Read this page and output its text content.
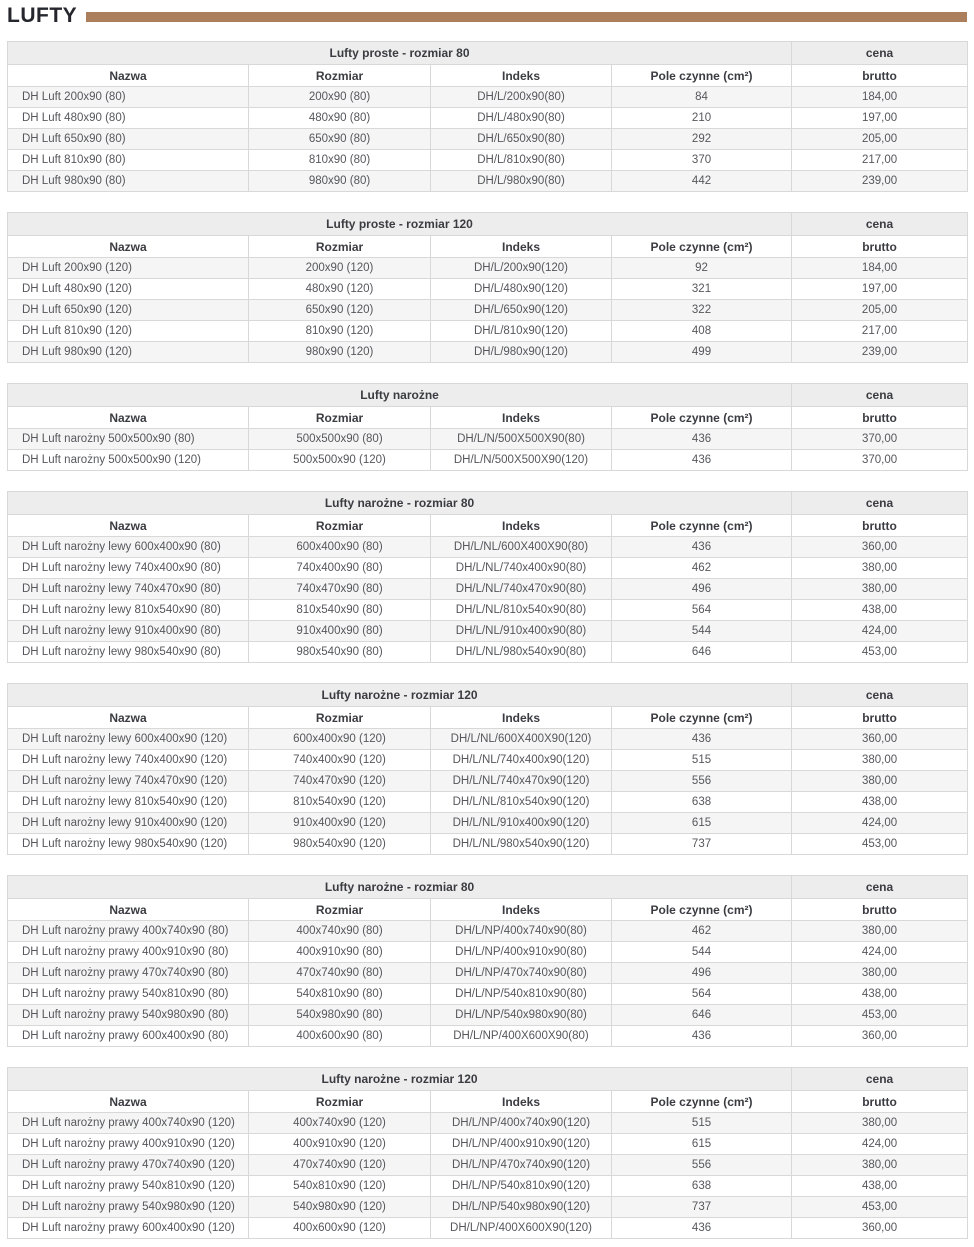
LUFTY
Lufty proste - rozmiar 80				cena
Nazwa	Rozmiar	Indeks	Pole czynne (cm²)	brutto
DH Luft 200x90 (80)	200x90 (80)	DH/L/200x90(80)	84	184,00
DH Luft 480x90 (80)	480x90 (80)	DH/L/480x90(80)	210	197,00
DH Luft 650x90 (80)	650x90 (80)	DH/L/650x90(80)	292	205,00
DH Luft 810x90 (80)	810x90 (80)	DH/L/810x90(80)	370	217,00
DH Luft 980x90 (80)	980x90 (80)	DH/L/980x90(80)	442	239,00
Lufty proste - rozmiar 120				cena
Nazwa	Rozmiar	Indeks	Pole czynne (cm²)	brutto
DH Luft 200x90 (120)	200x90 (120)	DH/L/200x90(120)	92	184,00
DH Luft 480x90 (120)	480x90 (120)	DH/L/480x90(120)	321	197,00
DH Luft 650x90 (120)	650x90 (120)	DH/L/650x90(120)	322	205,00
DH Luft 810x90 (120)	810x90 (120)	DH/L/810x90(120)	408	217,00
DH Luft 980x90 (120)	980x90 (120)	DH/L/980x90(120)	499	239,00
Lufty narożne				cena
Nazwa	Rozmiar	Indeks	Pole czynne (cm²)	brutto
DH Luft narożny 500x500x90 (80)	500x500x90 (80)	DH/L/N/500X500X90(80)	436	370,00
DH Luft narożny 500x500x90 (120)	500x500x90 (120)	DH/L/N/500X500X90(120)	436	370,00
Lufty narożne - rozmiar 80				cena
Nazwa	Rozmiar	Indeks	Pole czynne (cm²)	brutto
DH Luft narożny lewy 600x400x90 (80)	600x400x90 (80)	DH/L/NL/600X400X90(80)	436	360,00
DH Luft narożny lewy 740x400x90 (80)	740x400x90 (80)	DH/L/NL/740x400x90(80)	462	380,00
DH Luft narożny lewy 740x470x90 (80)	740x470x90 (80)	DH/L/NL/740x470x90(80)	496	380,00
DH Luft narożny lewy 810x540x90 (80)	810x540x90 (80)	DH/L/NL/810x540x90(80)	564	438,00
DH Luft narożny lewy 910x400x90 (80)	910x400x90 (80)	DH/L/NL/910x400x90(80)	544	424,00
DH Luft narożny lewy 980x540x90 (80)	980x540x90 (80)	DH/L/NL/980x540x90(80)	646	453,00
Lufty narożne - rozmiar 120				cena
Nazwa	Rozmiar	Indeks	Pole czynne (cm²)	brutto
DH Luft narożny lewy 600x400x90 (120)	600x400x90 (120)	DH/L/NL/600X400X90(120)	436	360,00
DH Luft narożny lewy 740x400x90 (120)	740x400x90 (120)	DH/L/NL/740x400x90(120)	515	380,00
DH Luft narożny lewy 740x470x90 (120)	740x470x90 (120)	DH/L/NL/740x470x90(120)	556	380,00
DH Luft narożny lewy 810x540x90 (120)	810x540x90 (120)	DH/L/NL/810x540x90(120)	638	438,00
DH Luft narożny lewy 910x400x90 (120)	910x400x90 (120)	DH/L/NL/910x400x90(120)	615	424,00
DH Luft narożny lewy 980x540x90 (120)	980x540x90 (120)	DH/L/NL/980x540x90(120)	737	453,00
Lufty narożne - rozmiar 80				cena
Nazwa	Rozmiar	Indeks	Pole czynne (cm²)	brutto
DH Luft narożny prawy 400x740x90 (80)	400x740x90 (80)	DH/L/NP/400x740x90(80)	462	380,00
DH Luft narożny prawy 400x910x90 (80)	400x910x90 (80)	DH/L/NP/400x910x90(80)	544	424,00
DH Luft narożny prawy 470x740x90 (80)	470x740x90 (80)	DH/L/NP/470x740x90(80)	496	380,00
DH Luft narożny prawy 540x810x90 (80)	540x810x90 (80)	DH/L/NP/540x810x90(80)	564	438,00
DH Luft narożny prawy 540x980x90 (80)	540x980x90 (80)	DH/L/NP/540x980x90(80)	646	453,00
DH Luft narożny prawy 600x400x90 (80)	400x600x90 (80)	DH/L/NP/400X600X90(80)	436	360,00
Lufty narożne - rozmiar 120				cena
Nazwa	Rozmiar	Indeks	Pole czynne (cm²)	brutto
DH Luft narożny prawy 400x740x90 (120)	400x740x90 (120)	DH/L/NP/400x740x90(120)	515	380,00
DH Luft narożny prawy 400x910x90 (120)	400x910x90 (120)	DH/L/NP/400x910x90(120)	615	424,00
DH Luft narożny prawy 470x740x90 (120)	470x740x90 (120)	DH/L/NP/470x740x90(120)	556	380,00
DH Luft narożny prawy 540x810x90 (120)	540x810x90 (120)	DH/L/NP/540x810x90(120)	638	438,00
DH Luft narożny prawy 540x980x90 (120)	540x980x90 (120)	DH/L/NP/540x980x90(120)	737	453,00
DH Luft narożny prawy 600x400x90 (120)	400x600x90 (120)	DH/L/NP/400X600X90(120)	436	360,00
